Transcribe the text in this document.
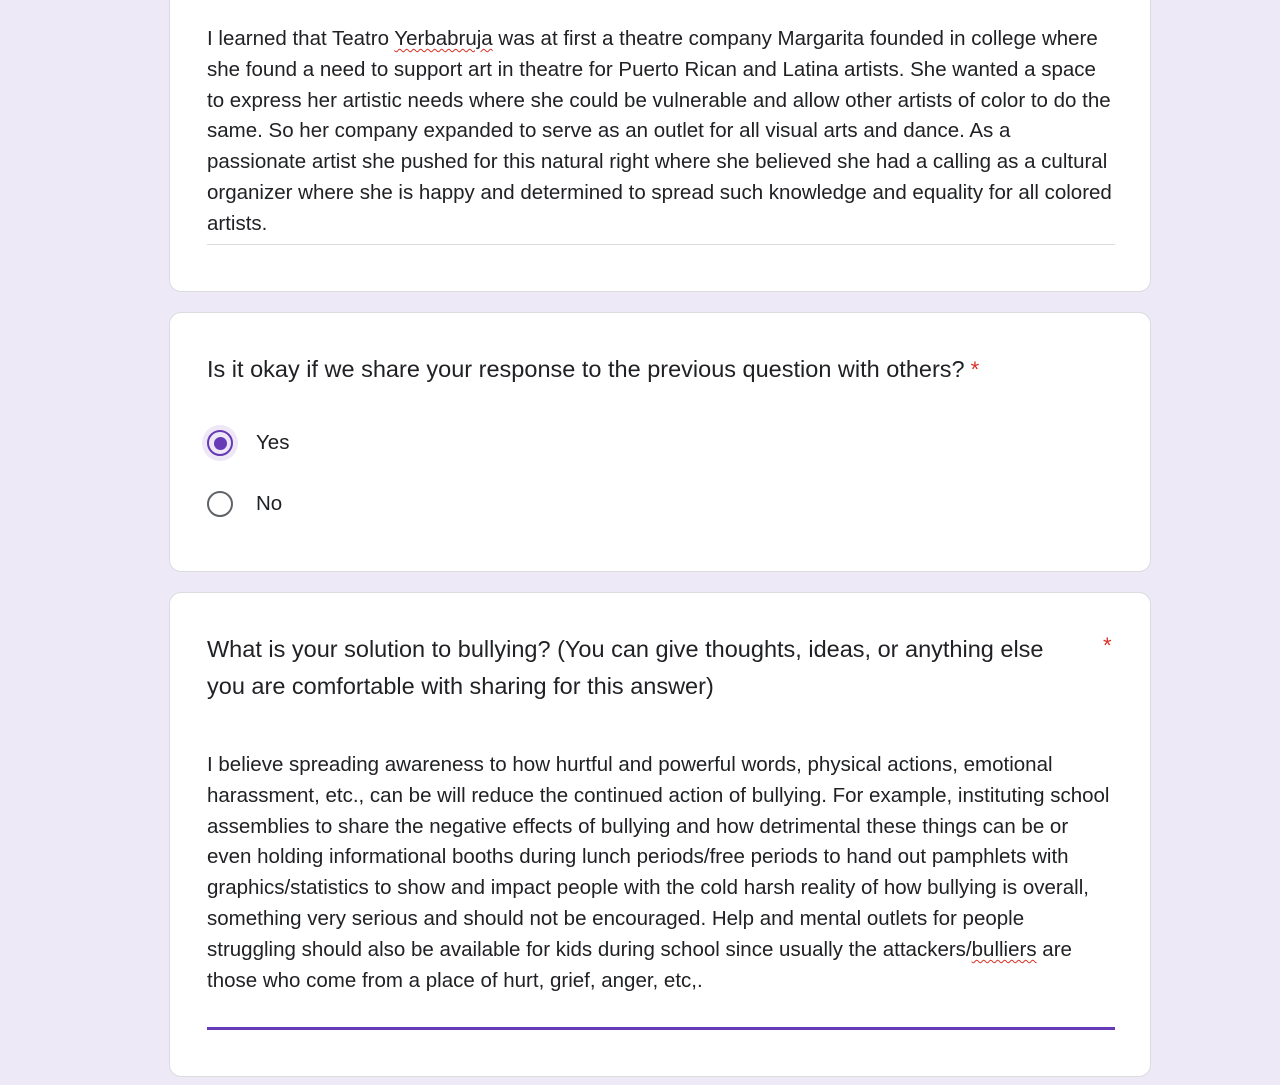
I learned that Teatro Yerbabruja was at first a theatre company Margarita founded in college where she found a need to support art in theatre for Puerto Rican and Latina artists. She wanted a space to express her artistic needs where she could be vulnerable and allow other artists of color to do the same. So her company expanded to serve as an outlet for all visual arts and dance. As a passionate artist she pushed for this natural right where she believed she had a calling as a cultural organizer where she is happy and determined to spread such knowledge and equality for all colored artists.
Is it okay if we share your response to the previous question with others? *
Yes
No
What is your solution to bullying? (You can give thoughts, ideas, or anything else you are comfortable with sharing for this answer)
*
I believe spreading awareness to how hurtful and powerful words, physical actions, emotional harassment, etc., can be will reduce the continued action of bullying. For example, instituting school assemblies to share the negative effects of bullying and how detrimental these things can be or even holding informational booths during lunch periods/free periods to hand out pamphlets with graphics/statistics to show and impact people with the cold harsh reality of how bullying is overall, something very serious and should not be encouraged. Help and mental outlets for people struggling should also be available for kids during school since usually the attackers/bulliers are those who come from a place of hurt, grief, anger, etc,.
